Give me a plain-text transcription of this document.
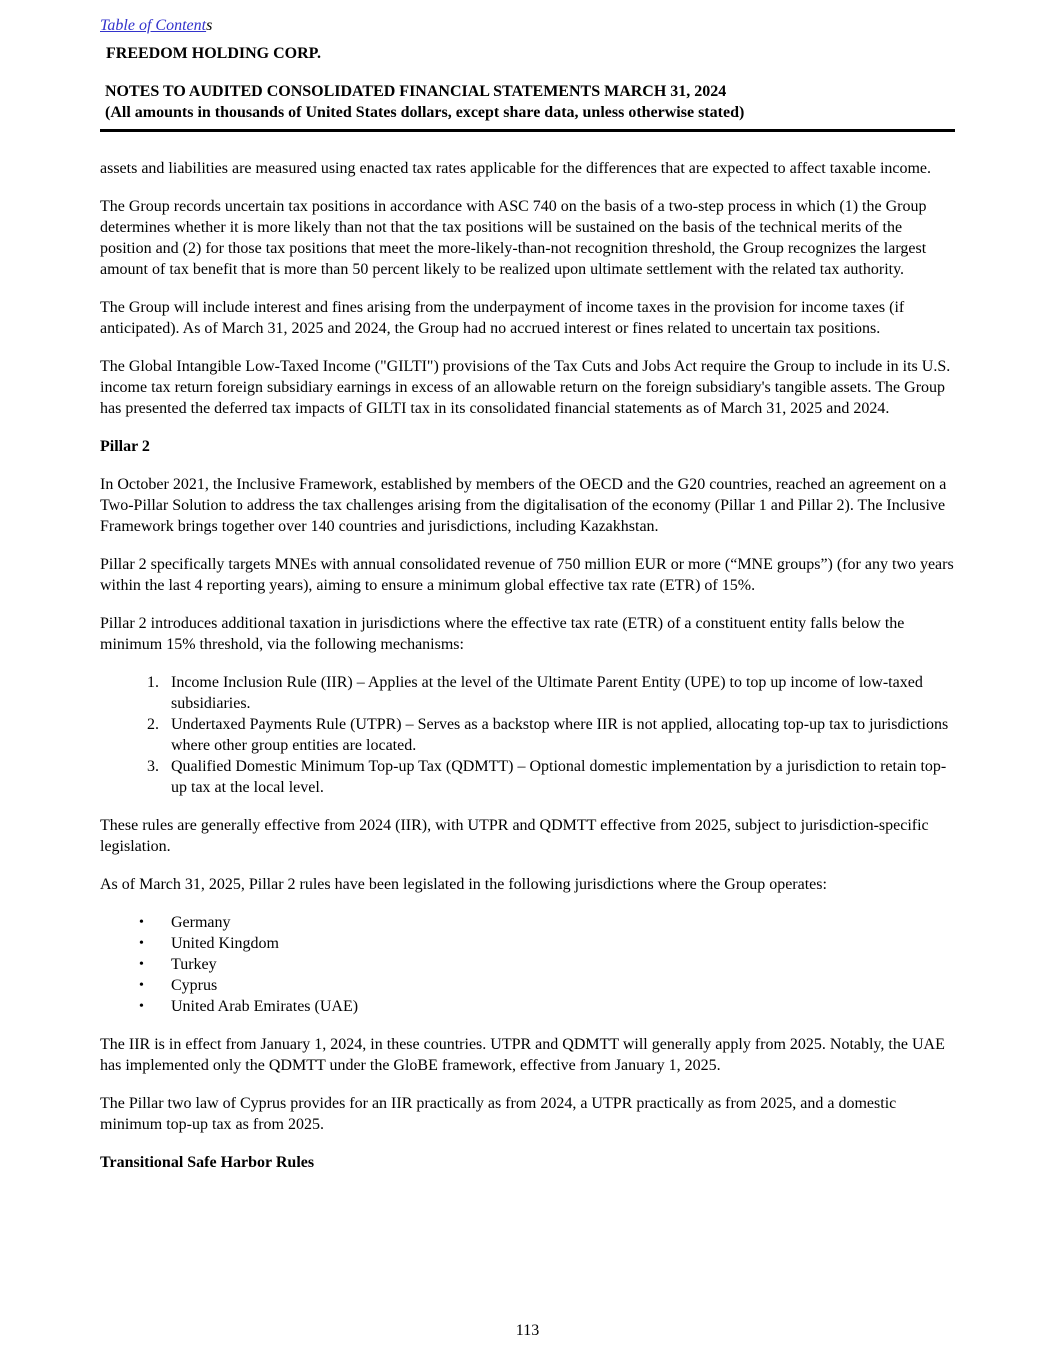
Table of Contents
FREEDOM HOLDING CORP.
NOTES TO AUDITED CONSOLIDATED FINANCIAL STATEMENTS MARCH 31, 2024
(All amounts in thousands of United States dollars, except share data, unless otherwise stated)

assets and liabilities are measured using enacted tax rates applicable for the differences that are expected to affect taxable income.

The Group records uncertain tax positions in accordance with ASC 740 on the basis of a two-step process in which (1) the Group determines whether it is more likely than not that the tax positions will be sustained on the basis of the technical merits of the position and (2) for those tax positions that meet the more-likely-than-not recognition threshold, the Group recognizes the largest amount of tax benefit that is more than 50 percent likely to be realized upon ultimate settlement with the related tax authority.

The Group will include interest and fines arising from the underpayment of income taxes in the provision for income taxes (if anticipated). As of March 31, 2025 and 2024, the Group had no accrued interest or fines related to uncertain tax positions.

The Global Intangible Low-Taxed Income ("GILTI") provisions of the Tax Cuts and Jobs Act require the Group to include in its U.S. income tax return foreign subsidiary earnings in excess of an allowable return on the foreign subsidiary's tangible assets. The Group has presented the deferred tax impacts of GILTI tax in its consolidated financial statements as of March 31, 2025 and 2024.

Pillar 2

In October 2021, the Inclusive Framework, established by members of the OECD and the G20 countries, reached an agreement on a Two-Pillar Solution to address the tax challenges arising from the digitalisation of the economy (Pillar 1 and Pillar 2). The Inclusive Framework brings together over 140 countries and jurisdictions, including Kazakhstan.

Pillar 2 specifically targets MNEs with annual consolidated revenue of 750 million EUR or more (“MNE groups”) (for any two years within the last 4 reporting years), aiming to ensure a minimum global effective tax rate (ETR) of 15%.

Pillar 2 introduces additional taxation in jurisdictions where the effective tax rate (ETR) of a constituent entity falls below the minimum 15% threshold, via the following mechanisms:

1. Income Inclusion Rule (IIR) – Applies at the level of the Ultimate Parent Entity (UPE) to top up income of low-taxed subsidiaries.
2. Undertaxed Payments Rule (UTPR) – Serves as a backstop where IIR is not applied, allocating top-up tax to jurisdictions where other group entities are located.
3. Qualified Domestic Minimum Top-up Tax (QDMTT) – Optional domestic implementation by a jurisdiction to retain top-up tax at the local level.

These rules are generally effective from 2024 (IIR), with UTPR and QDMTT effective from 2025, subject to jurisdiction-specific legislation.

As of March 31, 2025, Pillar 2 rules have been legislated in the following jurisdictions where the Group operates:

• Germany
• United Kingdom
• Turkey
• Cyprus
• United Arab Emirates (UAE)

The IIR is in effect from January 1, 2024, in these countries. UTPR and QDMTT will generally apply from 2025. Notably, the UAE has implemented only the QDMTT under the GloBE framework, effective from January 1, 2025.

The Pillar two law of Cyprus provides for an IIR practically as from 2024, a UTPR practically as from 2025, and a domestic minimum top-up tax as from 2025.

Transitional Safe Harbor Rules
113
